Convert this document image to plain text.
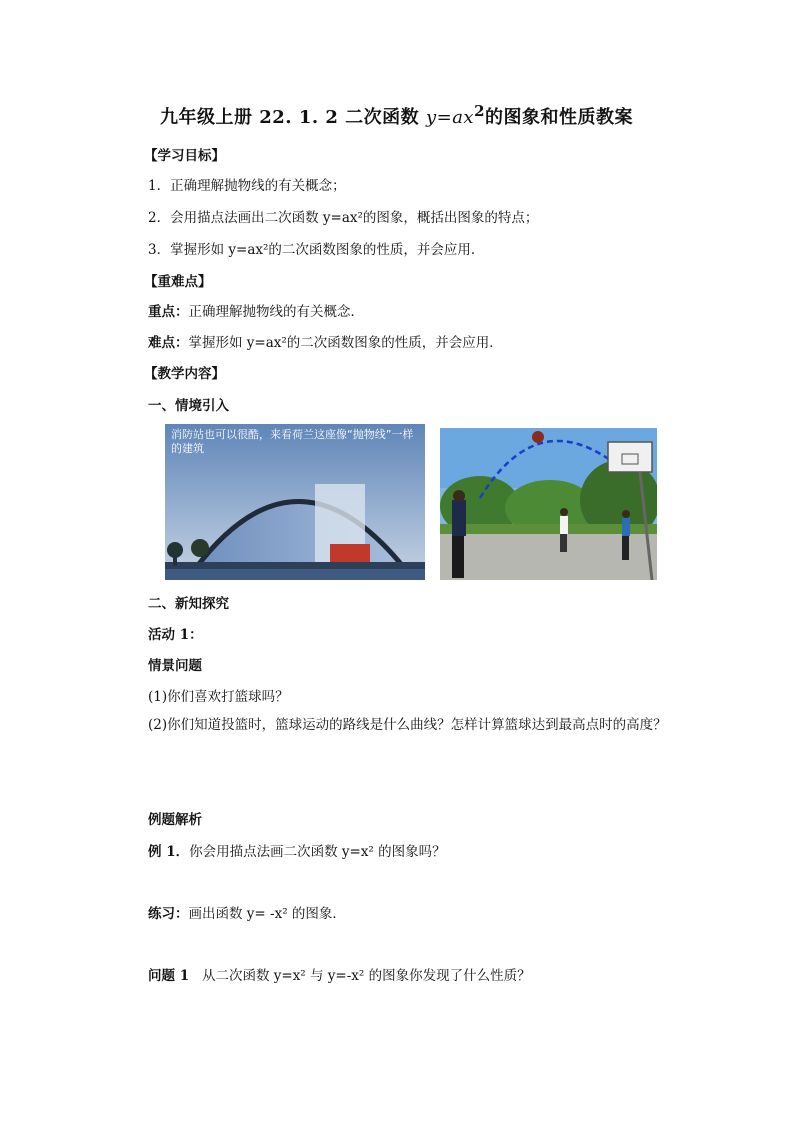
九年级上册 22. 1. 2 二次函数 $y=ax^2$的图象和性质教案
【学习目标】
1．正确理解抛物线的有关概念；
2．会用描点法画出二次函数 y=ax²的图象，概括出图象的特点；
3．掌握形如 y=ax²的二次函数图象的性质，并会应用．
【重难点】
重点：正确理解抛物线的有关概念．
难点：掌握形如 y=ax²的二次函数图象的性质，并会应用．
【教学内容】
一、情境引入
消防站也可以很酷，来看荷兰这座像“抛物线”一样的建筑
二、新知探究
活动 1：
情景问题
(1)你们喜欢打篮球吗？
(2)你们知道投篮时，篮球运动的路线是什么曲线？怎样计算篮球达到最高点时的高度？
例题解析
例 1．你会用描点法画二次函数 y=x² 的图象吗？
练习：画出函数 y= -x² 的图象．
问题 1 从二次函数 y=x² 与 y=-x² 的图象你发现了什么性质？
